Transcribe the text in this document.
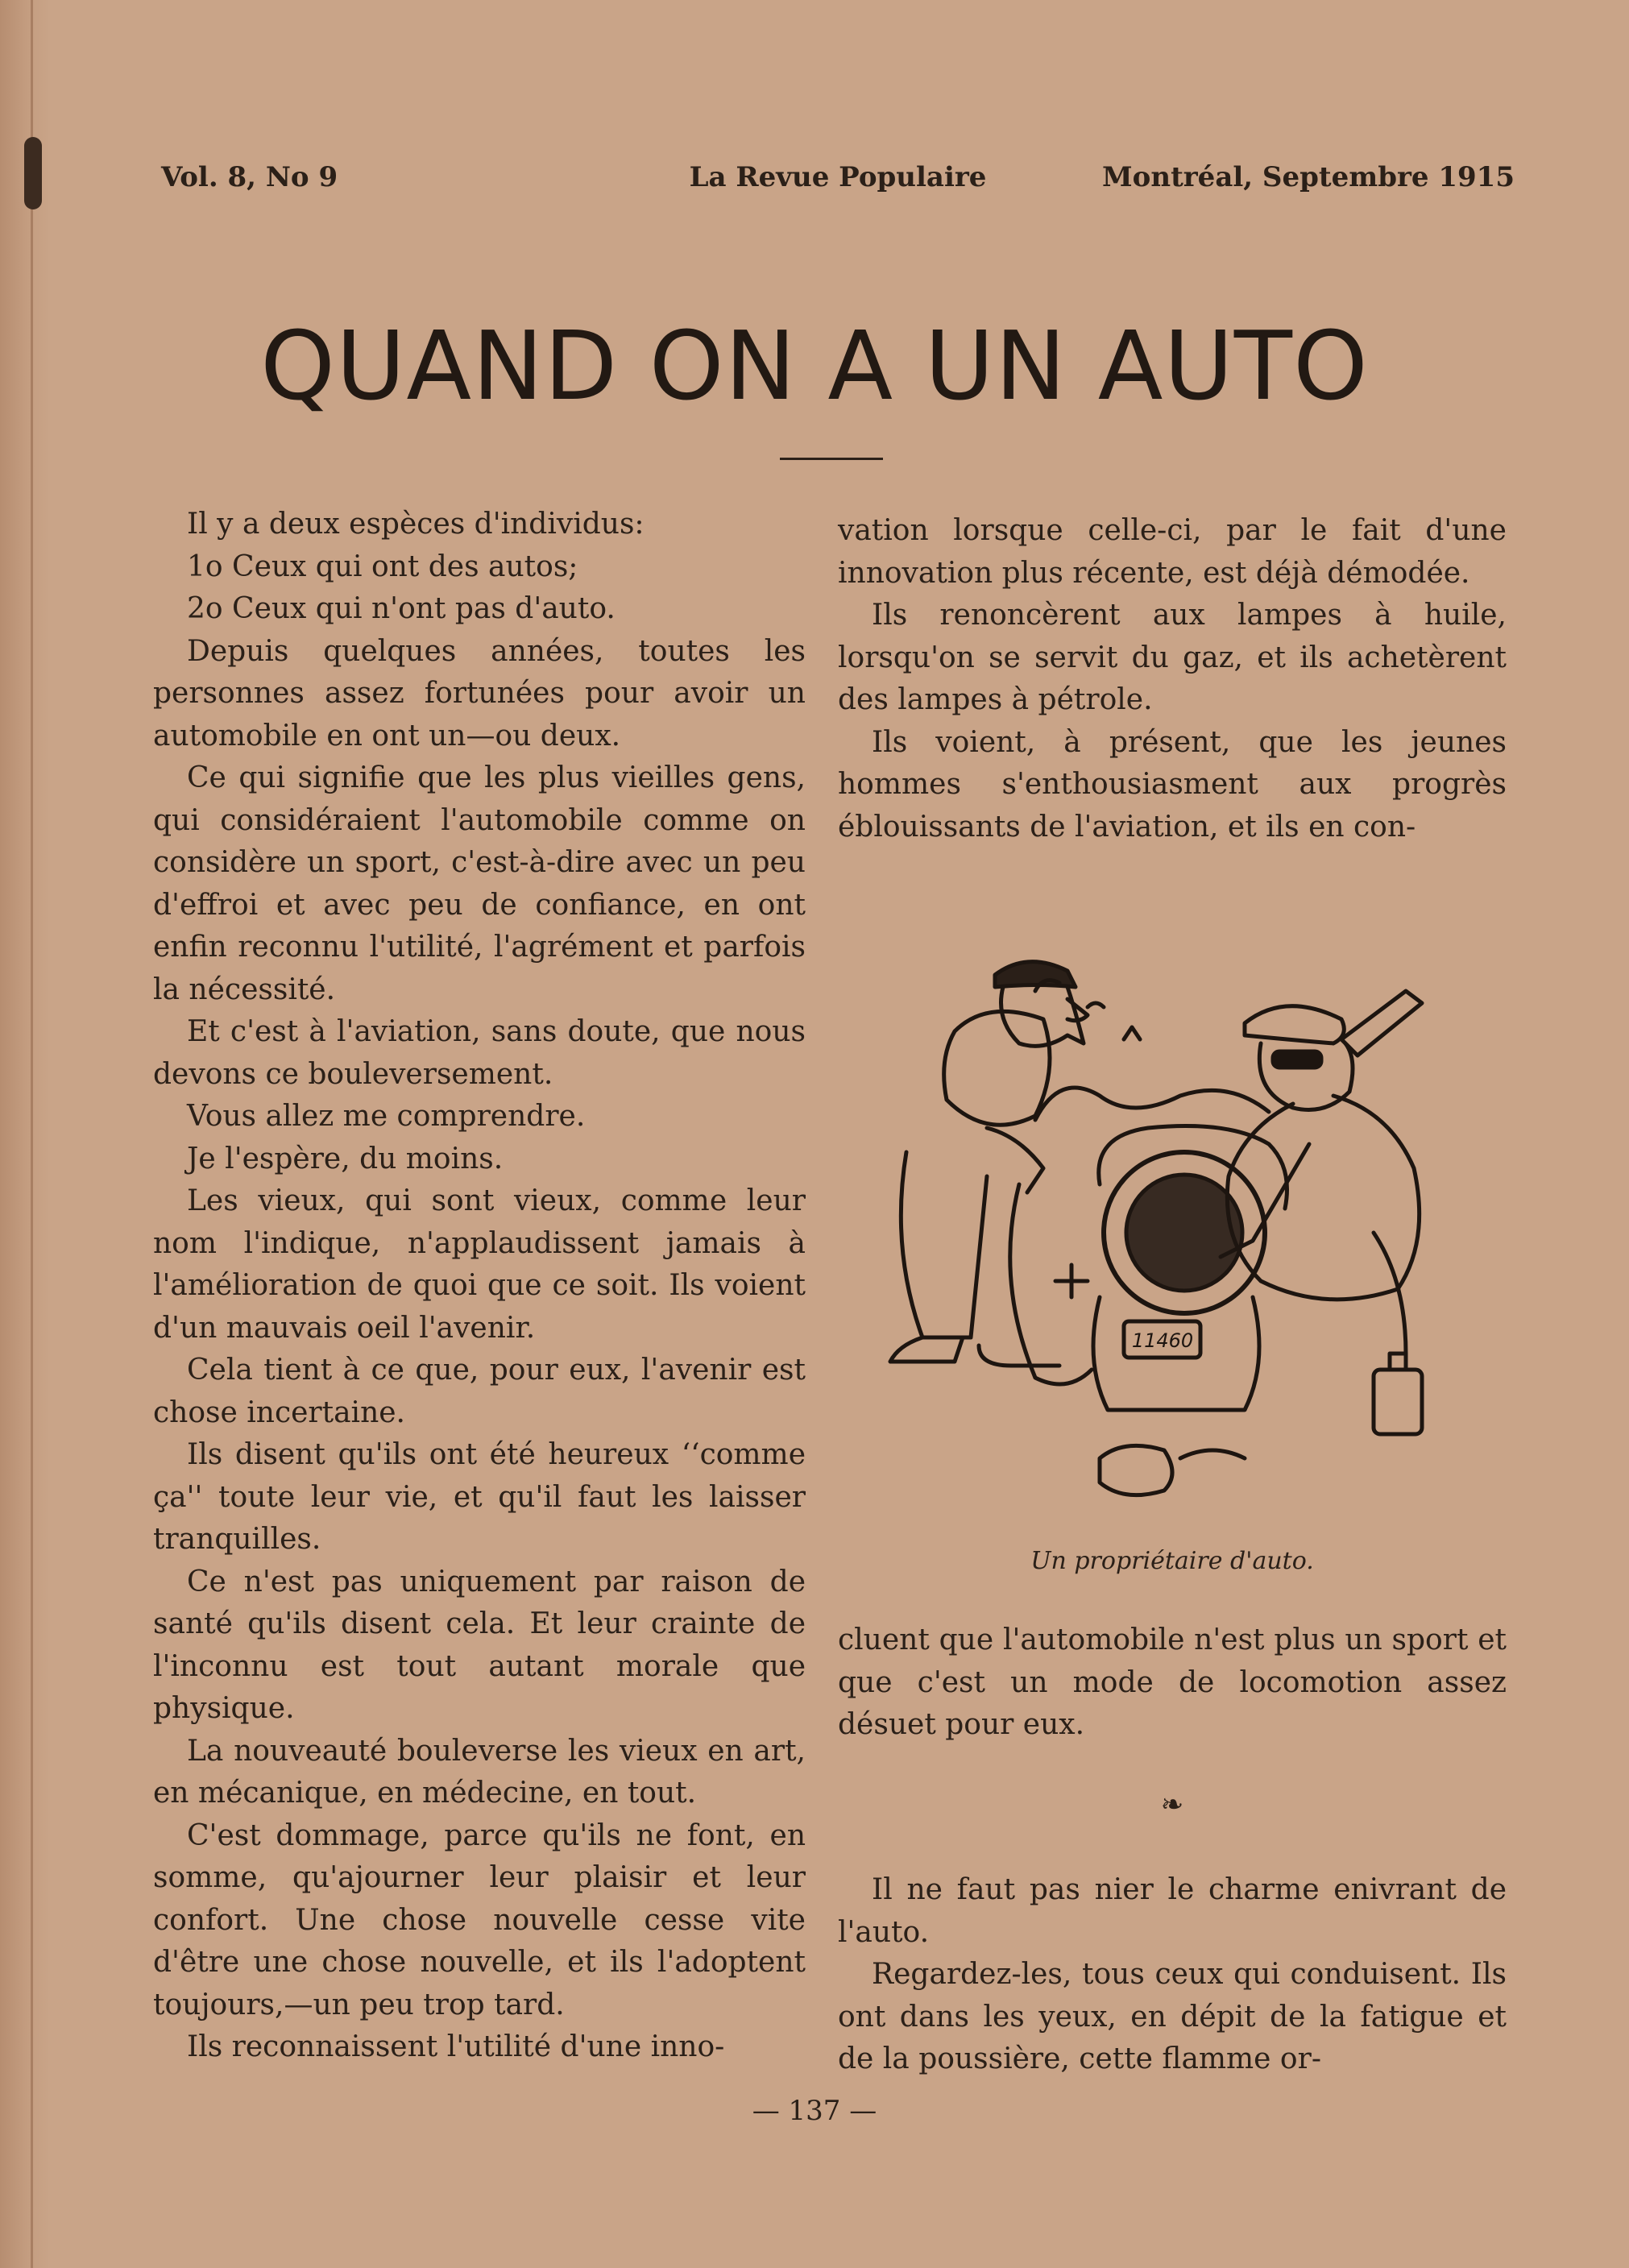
Vol. 8, No 9	La Revue Populaire	Montréal, Septembre 1915
QUAND ON A UN AUTO

Il y a deux espèces d'individus:

1o Ceux qui ont des autos;

2o Ceux qui n'ont pas d'auto.

Depuis quelques années, toutes les personnes assez fortunées pour avoir un automobile en ont un—ou deux.

Ce qui signifie que les plus vieilles gens, qui considéraient l'automobile comme on considère un sport, c'est-à-dire avec un peu d'effroi et avec peu de confiance, en ont enfin reconnu l'utilité, l'agrément et parfois la nécessité.

Et c'est à l'aviation, sans doute, que nous devons ce bouleversement.

Vous allez me comprendre.

Je l'espère, du moins.

Les vieux, qui sont vieux, comme leur nom l'indique, n'applaudissent jamais à l'amélioration de quoi que ce soit. Ils voient d'un mauvais oeil l'avenir.

Cela tient à ce que, pour eux, l'avenir est chose incertaine.

Ils disent qu'ils ont été heureux ‘‘comme ça'' toute leur vie, et qu'il faut les laisser tranquilles.

Ce n'est pas uniquement par raison de santé qu'ils disent cela. Et leur crainte de l'inconnu est tout autant morale que physique.

La nouveauté bouleverse les vieux en art, en mécanique, en médecine, en tout.

C'est dommage, parce qu'ils ne font, en somme, qu'ajourner leur plaisir et leur confort. Une chose nouvelle cesse vite d'être une chose nouvelle, et ils l'adoptent toujours,—un peu trop tard.

Ils reconnaissent l'utilité d'une inno-

vation lorsque celle-ci, par le fait d'une innovation plus récente, est déjà démodée.

Ils renoncèrent aux lampes à huile, lorsqu'on se servit du gaz, et ils achetèrent des lampes à pétrole.

Ils voient, à présent, que les jeunes hommes s'enthousiasment aux progrès éblouissants de l'aviation, et ils en con-

11460
Un propriétaire d'auto.

cluent que l'automobile n'est plus un sport et que c'est un mode de locomotion assez désuet pour eux.

❧

Il ne faut pas nier le charme enivrant de l'auto.

Regardez-les, tous ceux qui conduisent. Ils ont dans les yeux, en dépit de la fatigue et de la poussière, cette flamme or-

— 137 —
